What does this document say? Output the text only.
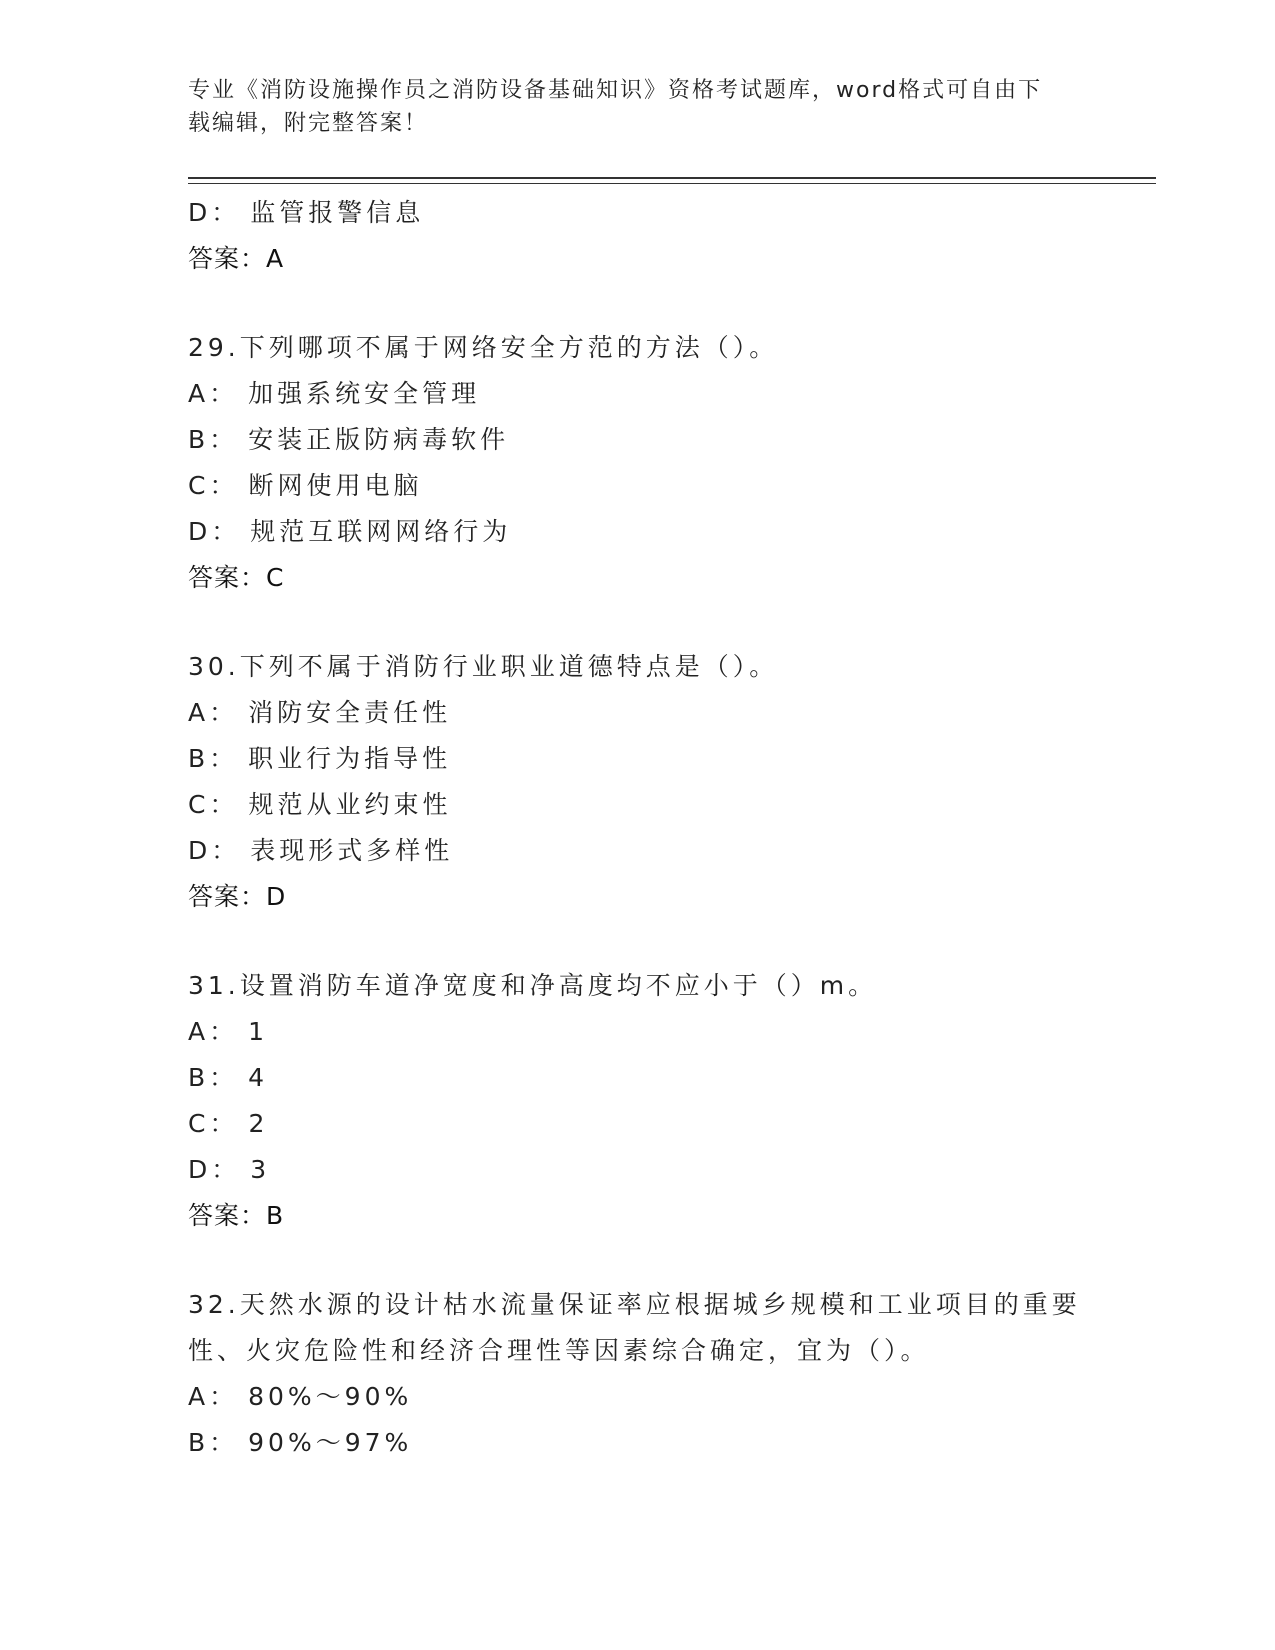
专业《消防设施操作员之消防设备基础知识》资格考试题库，word格式可自由下
载编辑，附完整答案！
D： 监管报警信息
答案：A
29.下列哪项不属于网络安全方范的方法（）。
A： 加强系统安全管理
B： 安装正版防病毒软件
C： 断网使用电脑
D： 规范互联网网络行为
答案：C
30.下列不属于消防行业职业道德特点是（）。
A： 消防安全责任性
B： 职业行为指导性
C： 规范从业约束性
D： 表现形式多样性
答案：D
31.设置消防车道净宽度和净高度均不应小于（）m。
A： 1
B： 4
C： 2
D： 3
答案：B
32.天然水源的设计枯水流量保证率应根据城乡规模和工业项目的重要
性、火灾危险性和经济合理性等因素综合确定，宜为（）。
A： 80%～90%
B： 90%～97%
